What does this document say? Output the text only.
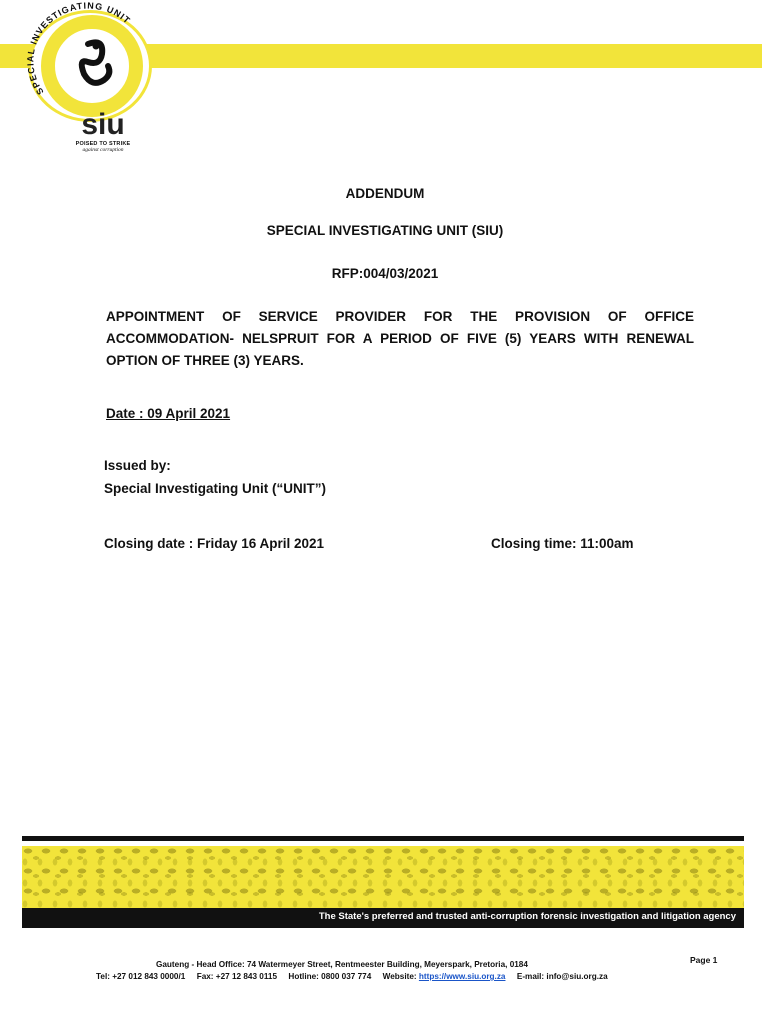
SPECIAL INVESTIGATING UNIT
siu
POISED TO STRIKE
against corruption
ADDENDUM
SPECIAL INVESTIGATING UNIT (SIU)
RFP:004/03/2021
APPOINTMENT OF SERVICE PROVIDER FOR THE PROVISION OF OFFICE ACCOMMODATION- NELSPRUIT FOR A PERIOD OF FIVE (5) YEARS WITH RENEWAL OPTION OF THREE (3) YEARS.
Date : 09 April 2021
Issued by:
Special Investigating Unit (“UNIT”)
Closing date : Friday 16 April 2021	Closing time: 11:00am
The State's preferred and trusted anti-corruption forensic investigation and litigation agency
Page 1
Gauteng - Head Office: 74 Watermeyer Street, Rentmeester Building, Meyerspark, Pretoria, 0184
Tel: +27 012 843 0000/1 Fax: +27 12 843 0115 Hotline: 0800 037 774 Website: https://www.siu.org.za E-mail: info@siu.org.za
